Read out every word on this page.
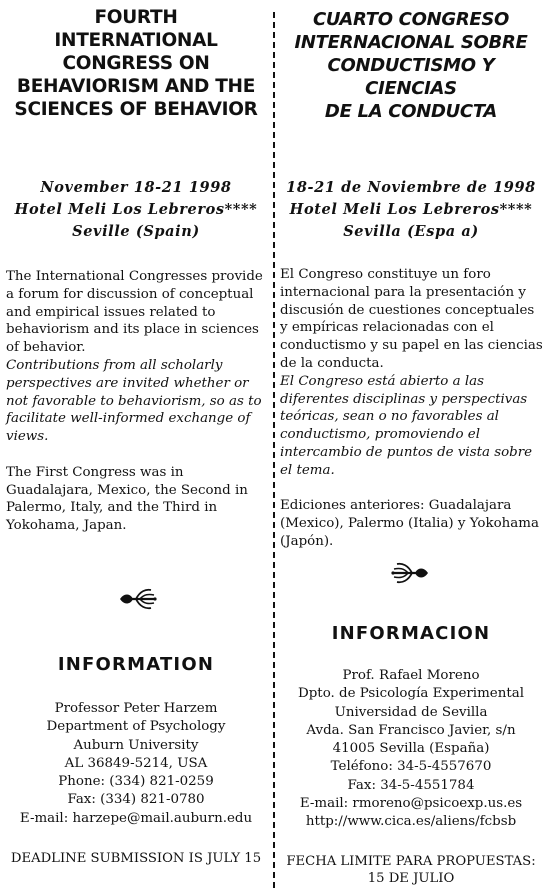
FOURTH
INTERNATIONAL
CONGRESS ON
BEHAVIORISM AND THE
SCIENCES OF BEHAVIOR
November 18-21 1998
Hotel Meli Los Lebreros****
Seville (Spain)

The International Congresses provide a forum for discussion of conceptual and empirical issues related to behaviorism and its place in sciences of behavior.

Contributions from all scholarly perspectives are invited whether or not favorable to behaviorism, so as to facilitate well-informed exchange of views.

The First Congress was in Guadalajara, Mexico, the Second in Palermo, Italy, and the Third in Yokohama, Japan.

INFORMATION

Professor Peter Harzem

Department of Psychology

Auburn University

AL 36849-5214, USA

Phone: (334) 821-0259

Fax: (334) 821-0780

E-mail: harzepe@mail.auburn.edu

DEADLINE SUBMISSION IS JULY 15
CUARTO CONGRESO
INTERNACIONAL SOBRE
CONDUCTISMO Y
CIENCIAS
DE LA CONDUCTA
18-21 de Noviembre de 1998
Hotel Meli Los Lebreros****
Sevilla (Espa a)

El Congreso constituye un foro internacional para la presentación y discusión de cuestiones conceptuales y empíricas relacionadas con el conductismo y su papel en las ciencias de la conducta.

El Congreso está abierto a las diferentes disciplinas y perspectivas teóricas, sean o no favorables al conductismo, promoviendo el intercambio de puntos de vista sobre el tema.

Ediciones anteriores: Guadalajara (Mexico), Palermo (Italia) y Yokohama (Japón).

INFORMACION

Prof. Rafael Moreno

Dpto. de Psicología Experimental

Universidad de Sevilla

Avda. San Francisco Javier, s/n

41005 Sevilla (España)

Teléfono: 34-5-4557670

Fax: 34-5-4551784

E-mail: rmoreno@psicoexp.us.es

http://www.cica.es/aliens/fcbsb

FECHA LIMITE PARA PROPUESTAS:
15 DE JULIO
